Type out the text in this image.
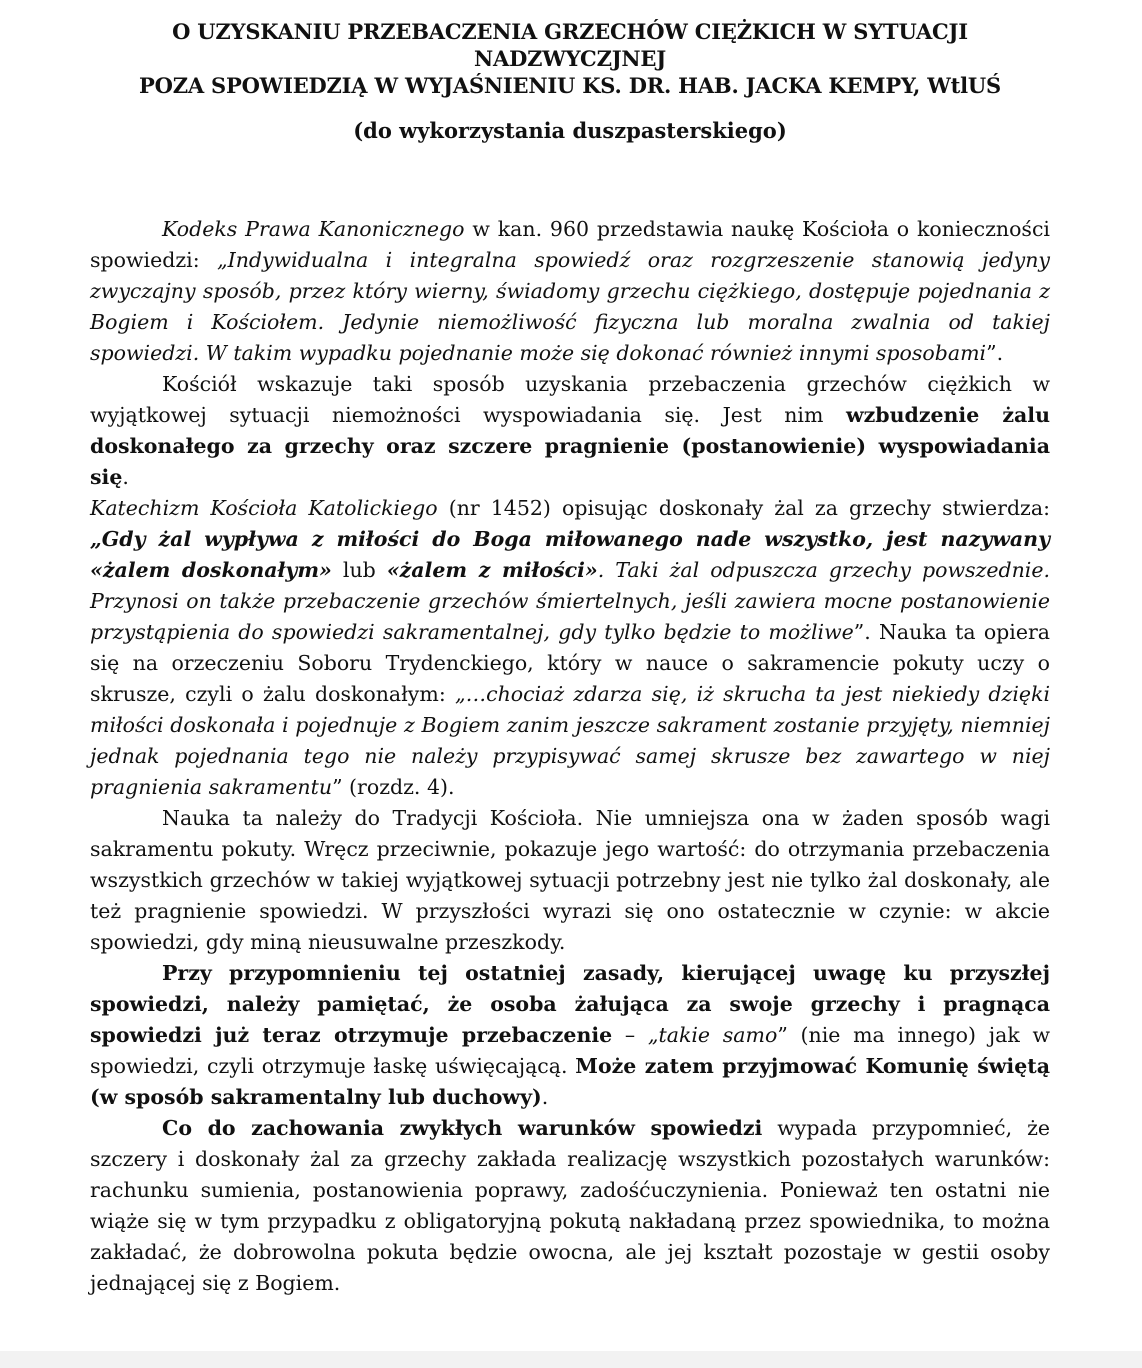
O UZYSKANIU PRZEBACZENIA GRZECHÓW CIĘŻKICH W SYTUACJI NADZWYCZJNEJ

POZA SPOWIEDZIĄ W WYJAŚNIENIU KS. DR. HAB. JACKA KEMPY, WtlUŚ

(do wykorzystania duszpasterskiego)

Kodeks Prawa Kanonicznego w kan. 960 przedstawia naukę Kościoła o konieczności spowiedzi: „Indywidualna i integralna spowiedź oraz rozgrzeszenie stanowią jedyny zwyczajny sposób, przez który wierny, świadomy grzechu ciężkiego, dostępuje pojednania z Bogiem i Kościołem. Jedynie niemożliwość fizyczna lub moralna zwalnia od takiej spowiedzi. W takim wypadku pojednanie może się dokonać również innymi sposobami”.

Kościół wskazuje taki sposób uzyskania przebaczenia grzechów ciężkich w wyjątkowej sytuacji niemożności wyspowiadania się. Jest nim wzbudzenie żalu doskonałego za grzechy oraz szczere pragnienie (postanowienie) wyspowiadania się.

Katechizm Kościoła Katolickiego (nr 1452) opisując doskonały żal za grzechy stwierdza: „Gdy żal wypływa z miłości do Boga miłowanego nade wszystko, jest nazywany «żalem doskonałym» lub «żalem z miłości». Taki żal odpuszcza grzechy powszednie. Przynosi on także przebaczenie grzechów śmiertelnych, jeśli zawiera mocne postanowienie przystąpienia do spowiedzi sakramentalnej, gdy tylko będzie to możliwe”. Nauka ta opiera się na orzeczeniu Soboru Trydenckiego, który w nauce o sakramencie pokuty uczy o skrusze, czyli o żalu doskonałym: „…chociaż zdarza się, iż skrucha ta jest niekiedy dzięki miłości doskonała i pojednuje z Bogiem zanim jeszcze sakrament zostanie przyjęty, niemniej jednak pojednania tego nie należy przypisywać samej skrusze bez zawartego w niej pragnienia sakramentu” (rozdz. 4).

Nauka ta należy do Tradycji Kościoła. Nie umniejsza ona w żaden sposób wagi sakramentu pokuty. Wręcz przeciwnie, pokazuje jego wartość: do otrzymania przebaczenia wszystkich grzechów w takiej wyjątkowej sytuacji potrzebny jest nie tylko żal doskonały, ale też pragnienie spowiedzi. W przyszłości wyrazi się ono ostatecznie w czynie: w akcie spowiedzi, gdy miną nieusuwalne przeszkody.

Przy przypomnieniu tej ostatniej zasady, kierującej uwagę ku przyszłej spowiedzi, należy pamiętać, że osoba żałująca za swoje grzechy i pragnąca spowiedzi już teraz otrzymuje przebaczenie – „takie samo” (nie ma innego) jak w spowiedzi, czyli otrzymuje łaskę uświęcającą. Może zatem przyjmować Komunię świętą (w sposób sakramentalny lub duchowy).

Co do zachowania zwykłych warunków spowiedzi wypada przypomnieć, że szczery i doskonały żal za grzechy zakłada realizację wszystkich pozostałych warunków: rachunku sumienia, postanowienia poprawy, zadośćuczynienia. Ponieważ ten ostatni nie wiąże się w tym przypadku z obligatoryjną pokutą nakładaną przez spowiednika, to można zakładać, że dobrowolna pokuta będzie owocna, ale jej kształt pozostaje w gestii osoby jednającej się z Bogiem.
